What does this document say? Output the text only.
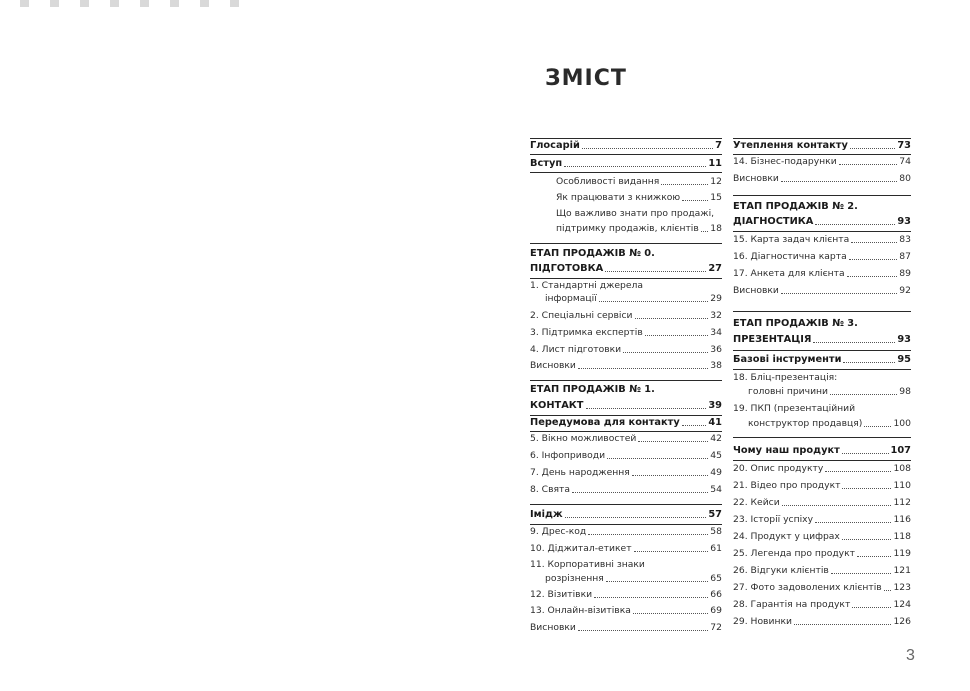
ЗМІСТ
Глосарій	7
Вступ	11
Особливості видання	12
Як працювати з книжкою	15
Що важливо знати про продажі,
підтримку продажів, клієнтів 18
ЕТАП ПРОДАЖІВ № 0.
ПІДГОТОВКА	27
1. Стандартні джерела
інформації	29
2. Спеціальні сервіси	32
3. Підтримка експертів	34
4. Лист підготовки	36
Висновки	38
ЕТАП ПРОДАЖІВ № 1.
КОНТАКТ	39
Передумова для контакту	41
5. Вікно можливостей	42
6. Інфоприводи	45
7. День народження	49
8. Свята	54
Імідж	57
9. Дрес-код	58
10. Діджитал-етикет	61
11. Корпоративні знаки
розрізнення	65
12. Візитівки	66
13. Онлайн-візитівка	69
Висновки	72
Утеплення контакту	73
14. Бізнес-подарунки	74
Висновки	80
ЕТАП ПРОДАЖІВ № 2.
ДІАГНОСТИКА	93
15. Карта задач клієнта	83
16. Діагностична карта	87
17. Анкета для клієнта	89
Висновки	92
ЕТАП ПРОДАЖІВ № 3.
ПРЕЗЕНТАЦІЯ	93
Базові інструменти	95
18. Бліц-презентація:
головні причини	98
19. ПКП (презентаційний
конструктор продавця)	100
Чому наш продукт	107
20. Опис продукту	108
21. Відео про продукт	110
22. Кейси	112
23. Історії успіху	116
24. Продукт у цифрах	118
25. Легенда про продукт	119
26. Відгуки клієнтів	121
27. Фото задоволених клієнтів 123
28. Гарантія на продукт	124
29. Новинки	126
3
